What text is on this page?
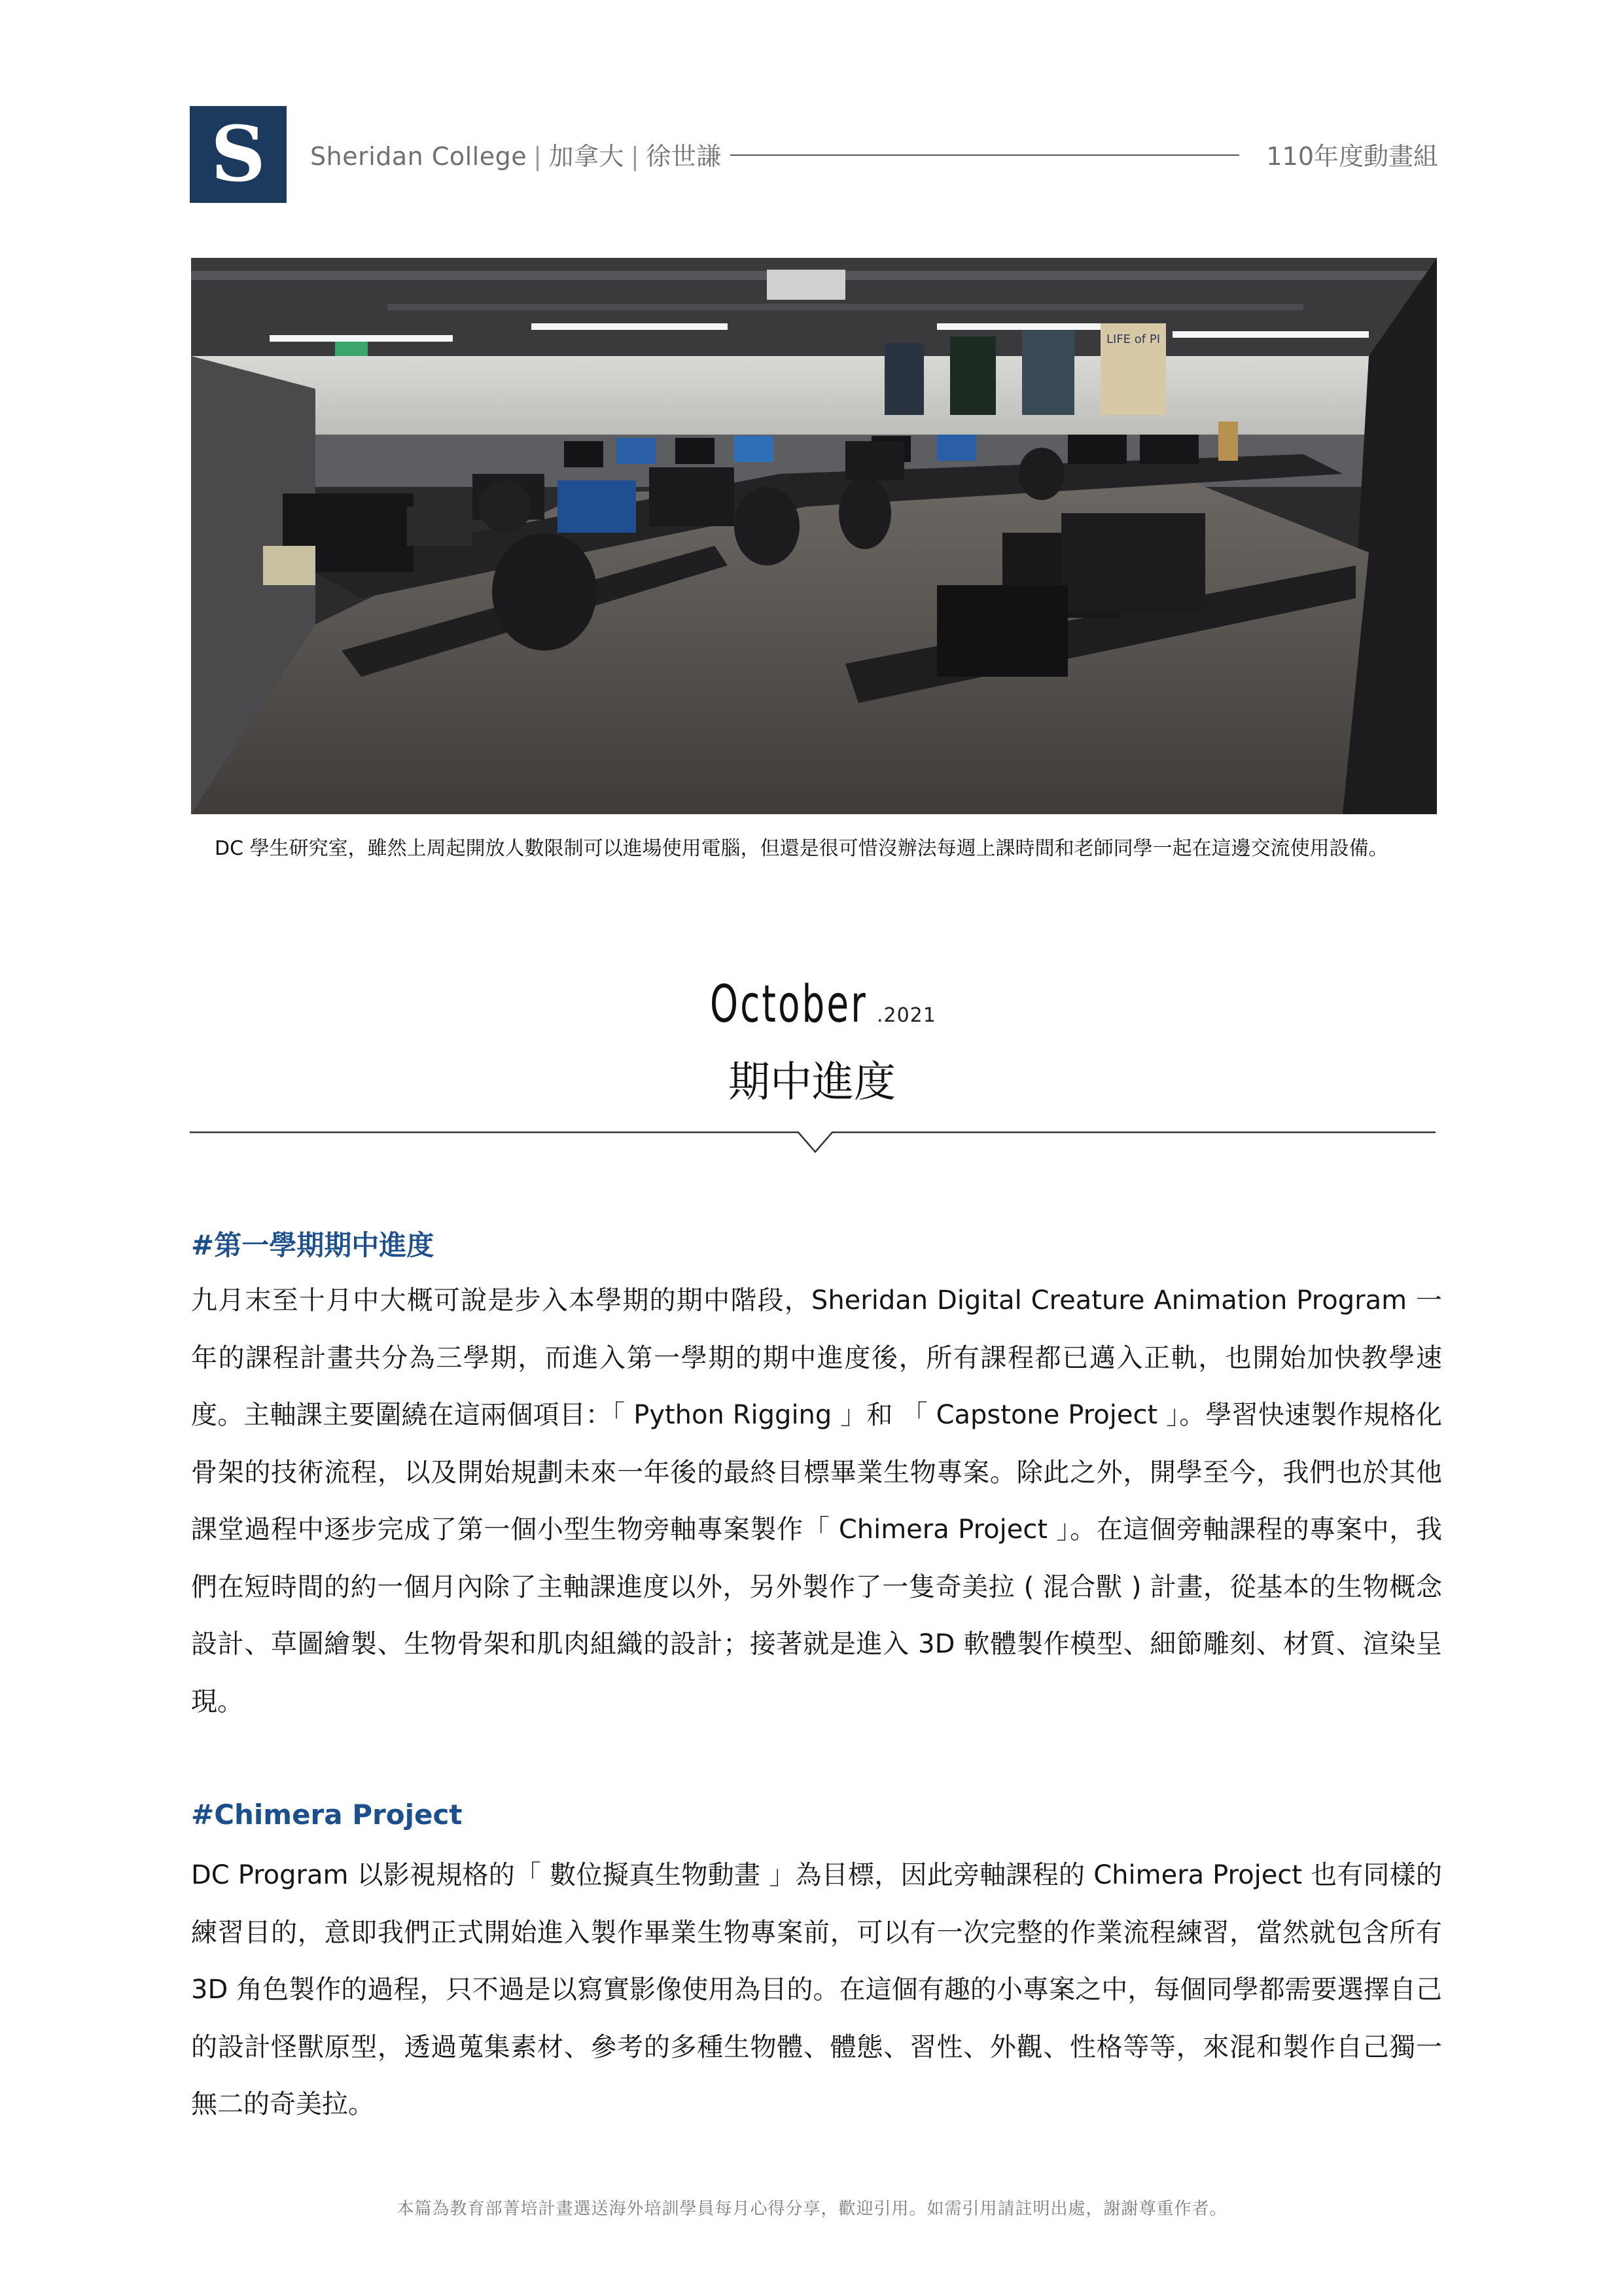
S Sheridan College | 加拿大 | 徐世謙	110年度動畫組
LIFE of PI
DC 學生研究室，雖然上周起開放人數限制可以進場使用電腦，但還是很可惜沒辦法每週上課時間和老師同學一起在這邊交流使用設備。
October .2021
期中進度
#第一學期期中進度
九月末至十月中大概可說是步入本學期的期中階段，Sheridan Digital Creature Animation Program 一年的課程計畫共分為三學期，而進入第一學期的期中進度後，所有課程都已邁入正軌，也開始加快教學速度。主軸課主要圍繞在這兩個項目：「 Python Rigging 」和 「 Capstone Project 」。學習快速製作規格化骨架的技術流程，以及開始規劃未來一年後的最終目標畢業生物專案。除此之外，開學至今，我們也於其他課堂過程中逐步完成了第一個小型生物旁軸專案製作「 Chimera Project 」。在這個旁軸課程的專案中，我們在短時間的約一個月內除了主軸課進度以外，另外製作了一隻奇美拉 ( 混合獸 ) 計畫，從基本的生物概念設計、草圖繪製、生物骨架和肌肉組織的設計；接著就是進入 3D 軟體製作模型、細節雕刻、材質、渲染呈現。
#Chimera Project
DC Program 以影視規格的「 數位擬真生物動畫 」為目標，因此旁軸課程的 Chimera Project 也有同樣的練習目的，意即我們正式開始進入製作畢業生物專案前，可以有一次完整的作業流程練習，當然就包含所有 3D 角色製作的過程，只不過是以寫實影像使用為目的。在這個有趣的小專案之中，每個同學都需要選擇自己的設計怪獸原型，透過蒐集素材、參考的多種生物體、體態、習性、外觀、性格等等，來混和製作自己獨一無二的奇美拉。
本篇為教育部菁培計畫選送海外培訓學員每月心得分享，歡迎引用。如需引用請註明出處，謝謝尊重作者。
